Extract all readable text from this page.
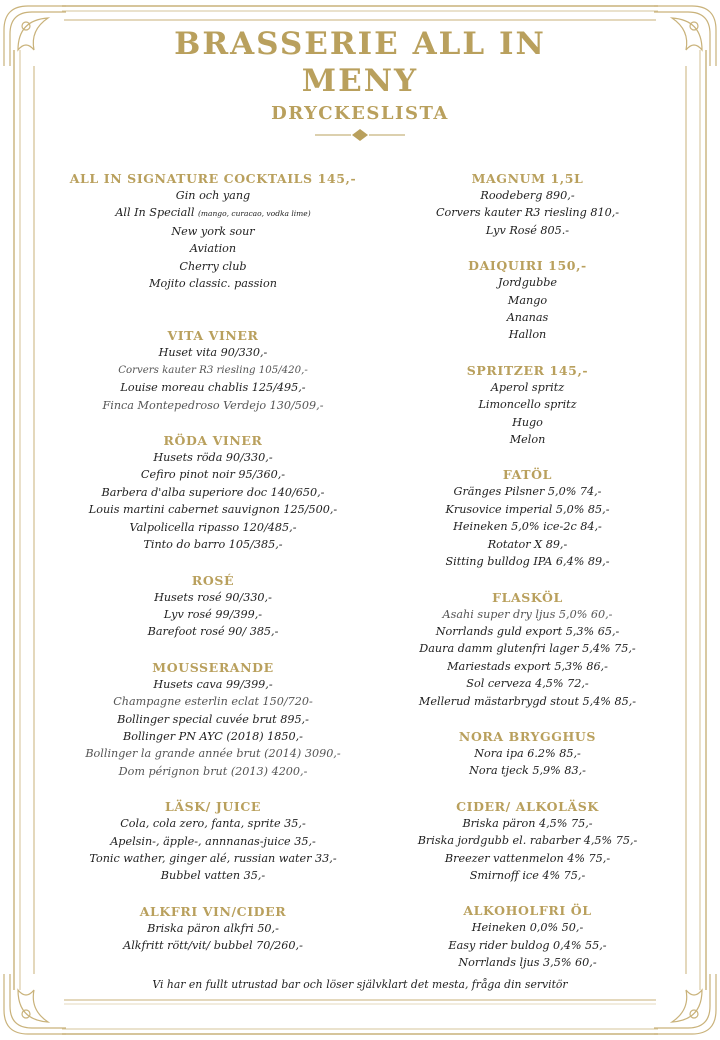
BRASSERIE ALL IN
MENY
DRYCKESLISTA
ALL IN SIGNATURE COCKTAILS 145,-
Gin och yang
All In Speciall (mango, curacao, vodka lime)
New york sour
Aviation
Cherry club
Mojito classic. passion
VITA VINER
Huset vita 90/330,-
Corvers kauter R3 riesling 105/420,-
Louise moreau chablis 125/495,-
Finca Montepedroso Verdejo 130/509,-
RÖDA VINER
Husets röda 90/330,-
Cefiro pinot noir 95/360,-
Barbera d'alba superiore doc 140/650,-
Louis martini cabernet sauvignon 125/500,-
Valpolicella ripasso 120/485,-
Tinto do barro 105/385,-
ROSÉ
Husets rosé 90/330,-
Lyv rosé 99/399,-
Barefoot rosé 90/ 385,-
MOUSSERANDE
Husets cava 99/399,-
Champagne esterlin eclat 150/720-
Bollinger special cuvée brut 895,-
Bollinger PN AYC (2018) 1850,-
Bollinger la grande année brut (2014) 3090,-
Dom pérignon brut (2013) 4200,-
LÄSK/ JUICE
Cola, cola zero, fanta, sprite 35,-
Apelsin-, äpple-, annnanas-juice 35,-
Tonic wather, ginger alé, russian water 33,-
Bubbel vatten 35,-
ALKFRI VIN/CIDER
Briska päron alkfri 50,-
Alkfritt rött/vit/ bubbel 70/260,-
MAGNUM 1,5L
Roodeberg 890,-
Corvers kauter R3 riesling 810,-
Lyv Rosé 805.-
DAIQUIRI 150,-
Jordgubbe
Mango
Ananas
Hallon
SPRITZER 145,-
Aperol spritz
Limoncello spritz
Hugo
Melon
FATÖL
Gränges Pilsner 5,0% 74,-
Krusovice imperial 5,0% 85,-
Heineken 5,0% ice-2c 84,-
Rotator X 89,-
Sitting bulldog IPA 6,4% 89,-
FLASKÖL
Asahi super dry ljus 5,0% 60,-
Norrlands guld export 5,3% 65,-
Daura damm glutenfri lager 5,4% 75,-
Mariestads export 5,3% 86,-
Sol cerveza 4,5% 72,-
Mellerud mästarbrygd stout 5,4% 85,-
NORA BRYGGHUS
Nora ipa 6.2% 85,-
Nora tjeck 5,9% 83,-
CIDER/ ALKOLÄSK
Briska päron 4,5% 75,-
Briska jordgubb el. rabarber 4,5% 75,-
Breezer vattenmelon 4% 75,-
Smirnoff ice 4% 75,-
ALKOHOLFRI ÖL
Heineken 0,0% 50,-
Easy rider buldog 0,4% 55,-
Norrlands ljus 3,5% 60,-
Vi har en fullt utrustad bar och löser självklart det mesta, fråga din servitör
